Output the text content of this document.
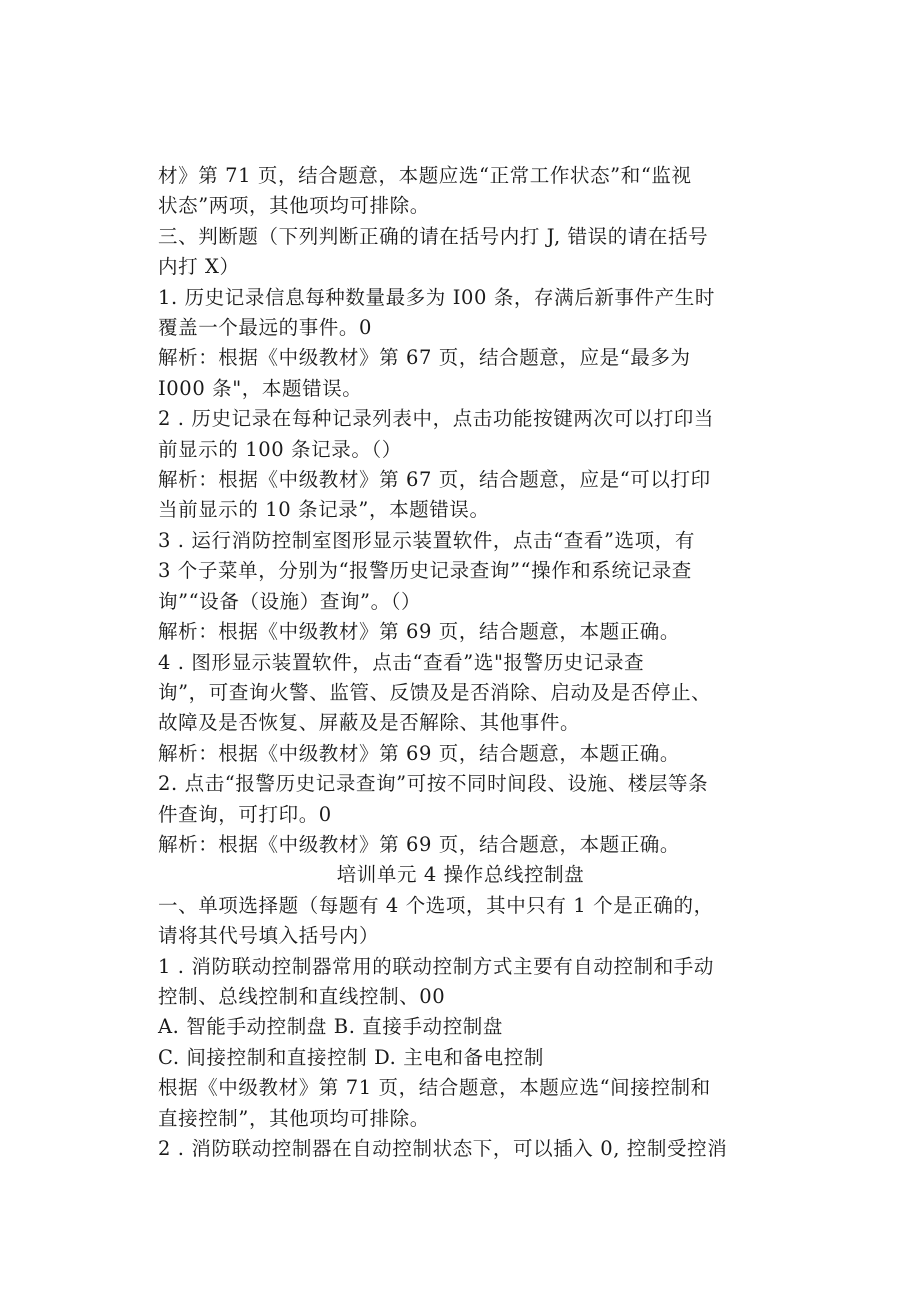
材》第 71 页，结合题意，本题应选“正常工作状态”和“监视

状态”两项，其他项均可排除。

三、判断题（下列判断正确的请在括号内打 J, 错误的请在括号

内打 X）

1. 历史记录信息每种数量最多为 I00 条，存满后新事件产生时

覆盖一个最远的事件。0

解析：根据《中级教材》第 67 页，结合题意，应是“最多为

I000 条"，本题错误。

2 . 历史记录在每种记录列表中，点击功能按键两次可以打印当

前显示的 100 条记录。（）

解析：根据《中级教材》第 67 页，结合题意，应是“可以打印

当前显示的 10 条记录”，本题错误。

3 . 运行消防控制室图形显示装置软件，点击“查看”选项，有

3 个子菜单，分别为“报警历史记录查询”“操作和系统记录查

询”“设备（设施）查询”。（）

解析：根据《中级教材》第 69 页，结合题意，本题正确。

4 . 图形显示装置软件，点击“查看”选"报警历史记录查

询”，可查询火警、监管、反馈及是否消除、启动及是否停止、

故障及是否恢复、屏蔽及是否解除、其他事件。

解析：根据《中级教材》第 69 页，结合题意，本题正确。

2. 点击“报警历史记录查询”可按不同时间段、设施、楼层等条

件查询，可打印。0

解析：根据《中级教材》第 69 页，结合题意，本题正确。

培训单元 4 操作总线控制盘

一、单项选择题（每题有 4 个选项，其中只有 1 个是正确的，

请将其代号填入括号内）

1 . 消防联动控制器常用的联动控制方式主要有自动控制和手动

控制、总线控制和直线控制、00

A. 智能手动控制盘 B. 直接手动控制盘

C. 间接控制和直接控制 D. 主电和备电控制

根据《中级教材》第 71 页，结合题意，本题应选“间接控制和

直接控制”，其他项均可排除。

2 . 消防联动控制器在自动控制状态下，可以插入 0, 控制受控消
